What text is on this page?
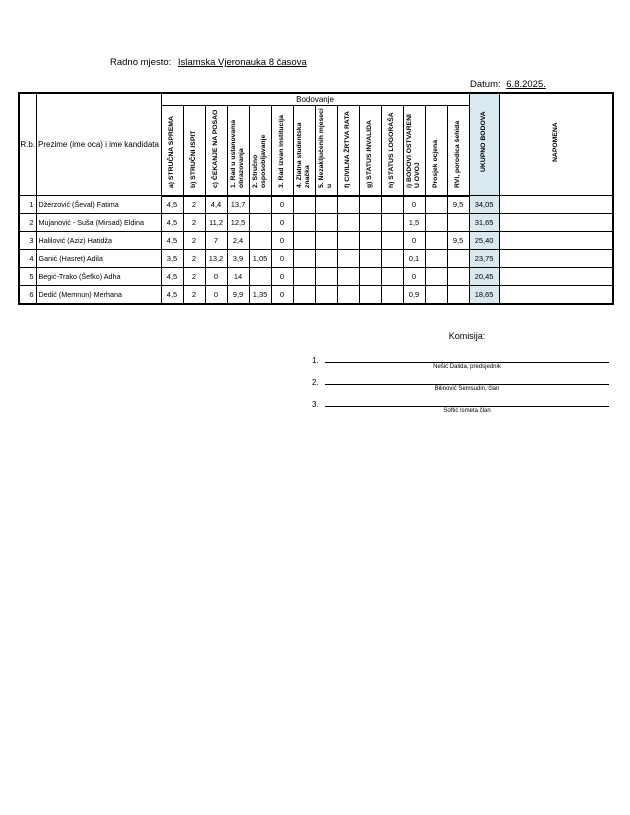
Radno mjesto: Islamska Vjeronauka 8 časova
Datum: 6.8.2025.
R.b.	Prezime (ime oca) i ime kandidata	Bodovanje														UKUPNO BODOVA	NAPOMENA
		a) STRUČNA SPREMA	b) STRUČNI ISPIT	c) ČEKANJE NA POSAO	1. Rad u ustanovama obrazovanja	2. Stručno osposobljavanje	3. Rad izvan institucija	4. Zlatna studentska značka	5. Nezaključenih mjeseci u	f) CIVILNA ŽRTVA RATA	g) STATUS INVALIDA	h) STATUS LOGORAŠA	i) BODOVI OSTVARENI U OVOJ	Prosjek ocjena	RVI, porodica šehida		
1	Džerzović (Ševal) Fatima	4,5	2	4,4	13,7		0						0		9,5	34,05	
2	Mujanović - Suša (Mirsad) Eldina	4,5	2	11,2	12,5		0						1,5			31,65	
3	Halilović (Aziz) Hatidža	4,5	2	7	2,4		0						0		9,5	25,40	
4	Ganić (Hasret) Adila	3,5	2	13,2	3,9	1,05	0						0,1			23,75	
5	Begić-Trako (Šefko) Adha	4,5	2	0	14		0						0			20,45	
6	Dedić (Memnun) Merhana	4,5	2	0	9,9	1,35	0						0,9			18,65	
Komisija:
1.
Nešić Dalida, predsjednik
2.
Bilinović Šemsudin, član
3.
Softić Ismeta član
